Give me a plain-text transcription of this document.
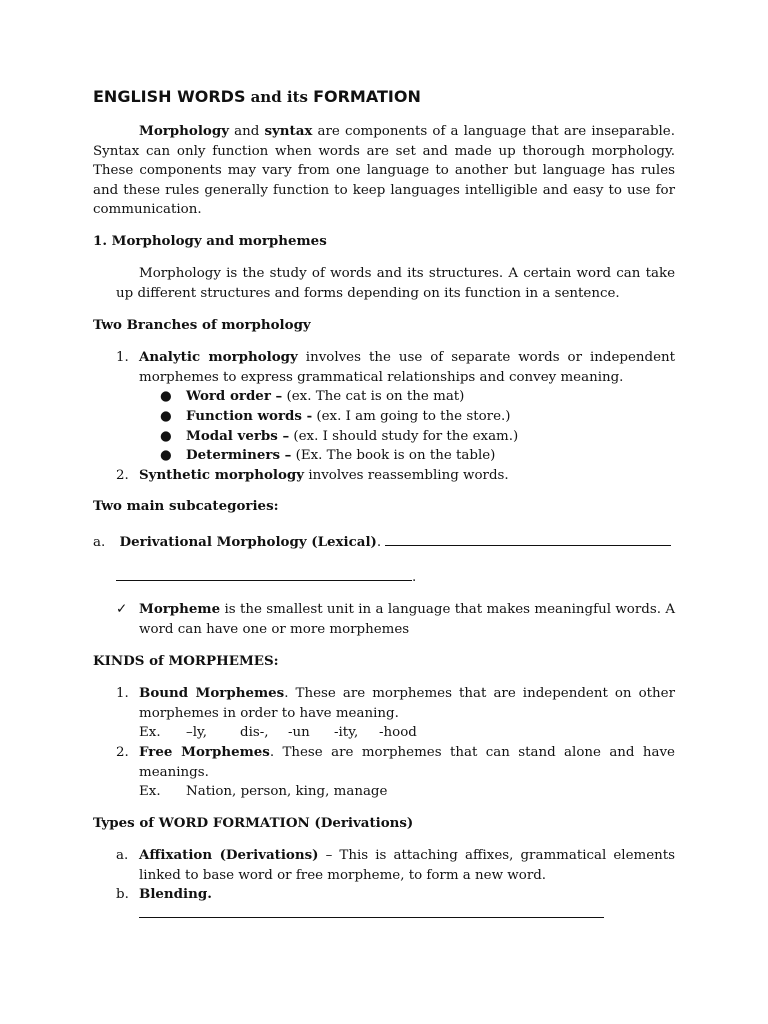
ENGLISH WORDS and its FORMATION

Morphology and syntax are components of a language that are inseparable. Syntax can only function when words are set and made up thorough morphology. These components may vary from one language to another but language has rules and these rules generally function to keep languages intelligible and easy to use for communication.

1. Morphology and morphemes

Morphology is the study of words and its structures. A certain word can take up different structures and forms depending on its function in a sentence.

Two Branches of morphology

1. Analytic morphology involves the use of separate words or independent morphemes to express grammatical relationships and convey meaning.

● Word order – (ex. The cat is on the mat)
● Function words - (ex. I am going to the store.)
● Modal verbs – (ex. I should study for the exam.)
● Determiners – (Ex. The book is on the table)
2. Synthetic morphology involves reassembling words.

Two main subcategories:

a. Derivational Morphology (Lexical).
.
✓ Morpheme is the smallest unit in a language that makes meaningful words. A word can have one or more morphemes

KINDS of MORPHEMES:

1. Bound Morphemes. These are morphemes that are independent on other morphemes in order to have meaning.

Ex. –ly, dis-, -un -ity, -hood
2. Free Morphemes. These are morphemes that can stand alone and have meanings.

Ex. Nation, person, king, manage

Types of WORD FORMATION (Derivations)

a. Affixation (Derivations) – This is attaching affixes, grammatical elements linked to base word or free morpheme, to form a new word.

b. Blending.
